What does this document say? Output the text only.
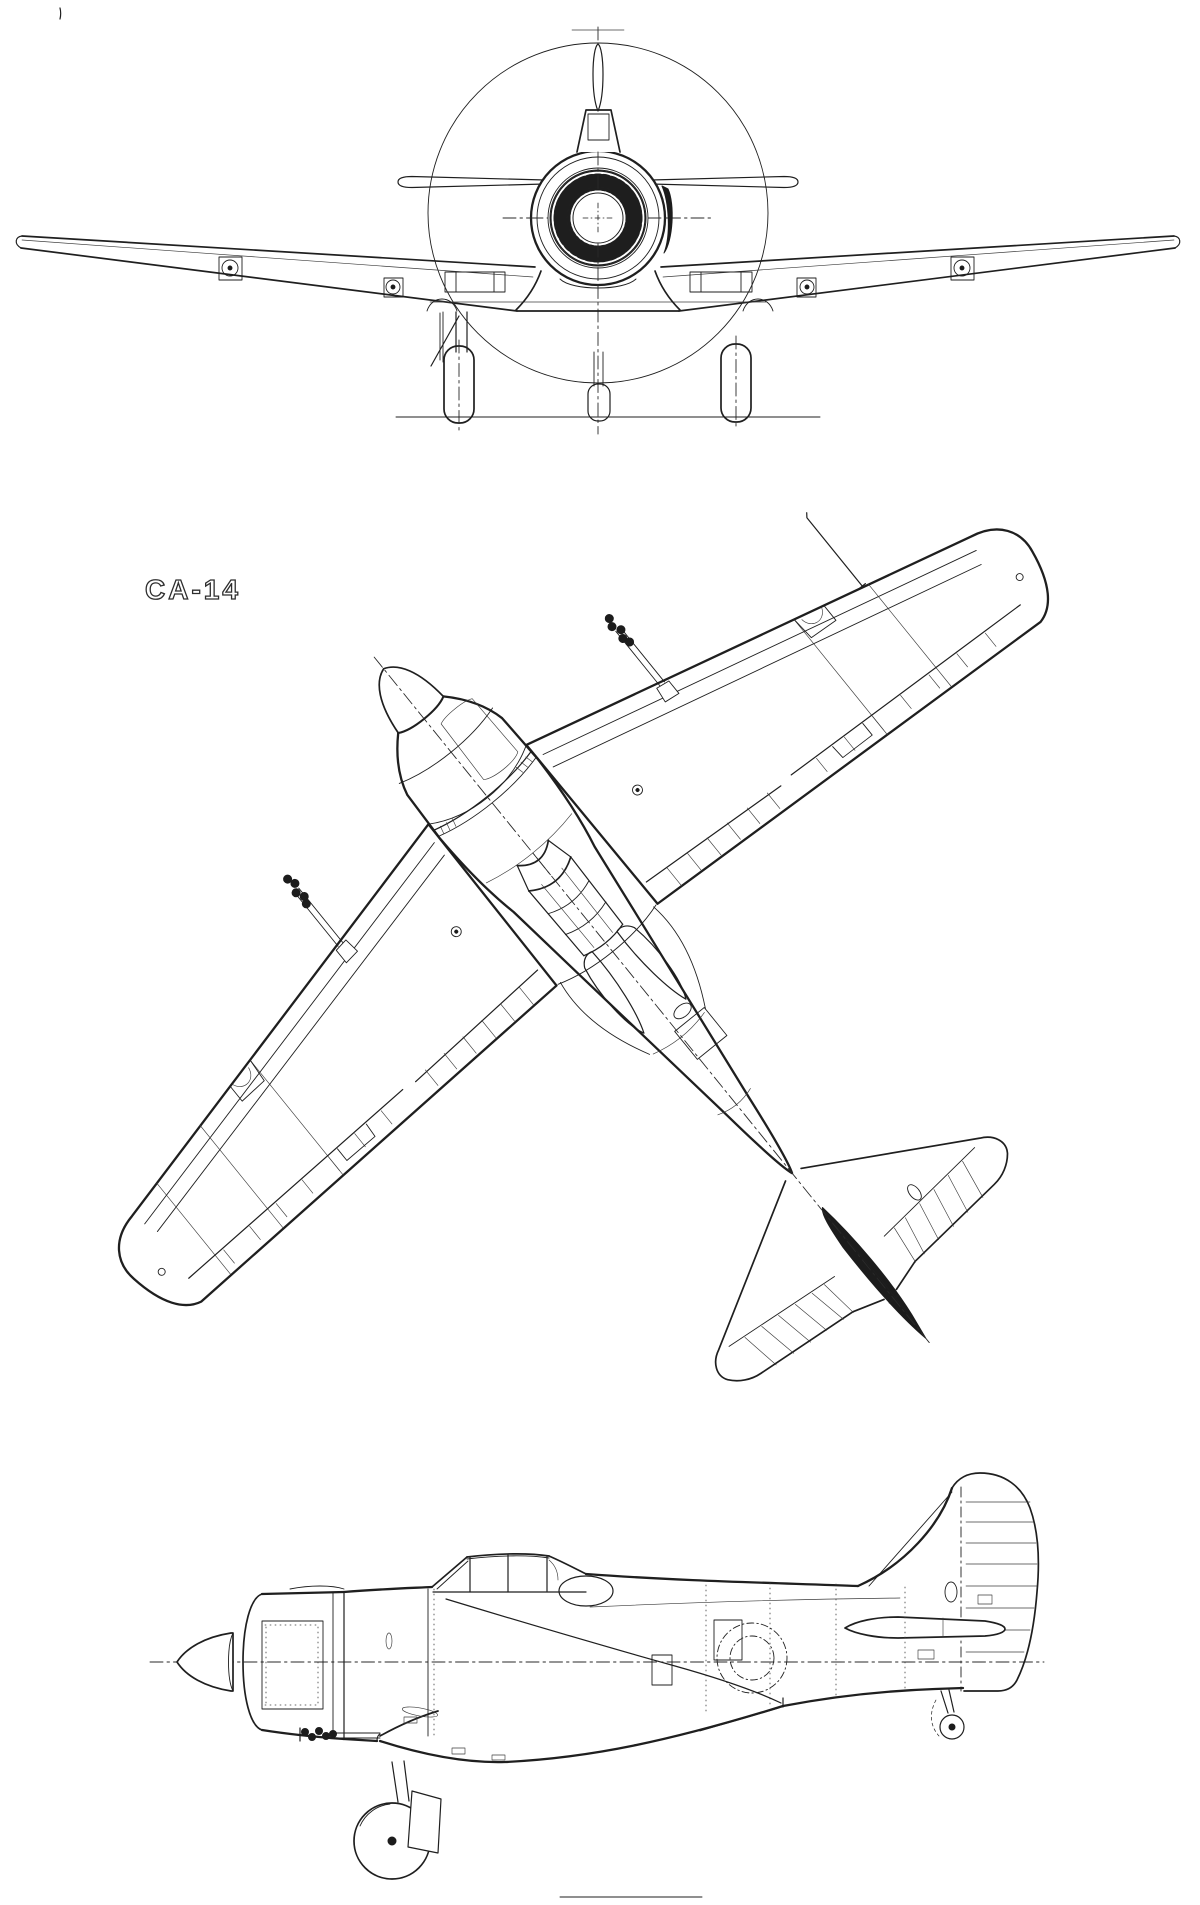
CA-14
